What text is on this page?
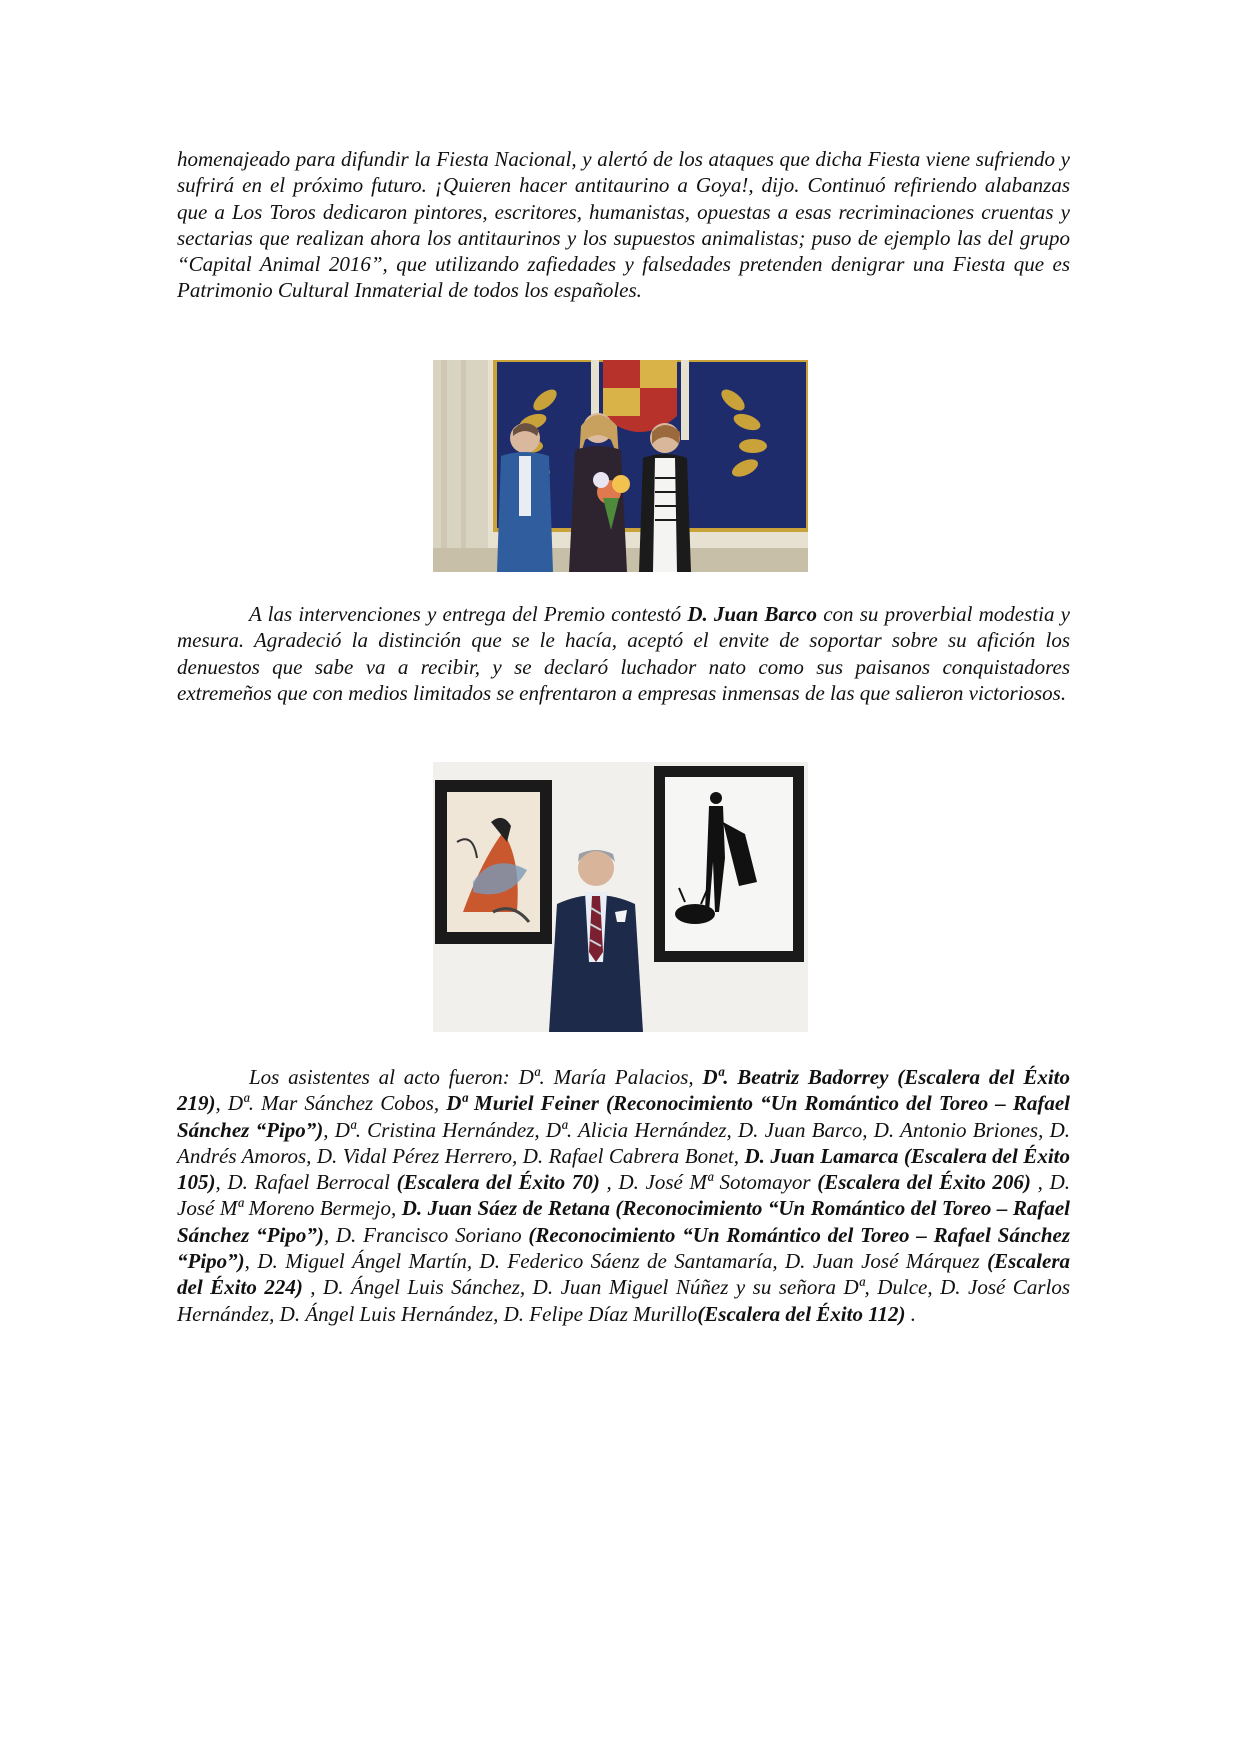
homenajeado para difundir la Fiesta Nacional, y alertó de los ataques que dicha Fiesta viene sufriendo y sufrirá en el próximo futuro. ¡Quieren hacer antitaurino a Goya!, dijo. Continuó refiriendo alabanzas que a Los Toros dedicaron pintores, escritores, humanistas, opuestas a esas recriminaciones cruentas y sectarias que realizan ahora los antitaurinos y los supuestos animalistas; puso de ejemplo las del grupo “Capital Animal 2016”, que utilizando zafiedades y falsedades pretenden denigrar una Fiesta que es Patrimonio Cultural Inmaterial de todos los españoles.

A las intervenciones y entrega del Premio contestó D. Juan Barco con su proverbial modestia y mesura. Agradeció la distinción que se le hacía, aceptó el envite de soportar sobre su afición los denuestos que sabe va a recibir, y se declaró luchador nato como sus paisanos conquistadores extremeños que con medios limitados se enfrentaron a empresas inmensas de las que salieron victoriosos.

Los asistentes al acto fueron: Dª. María Palacios, Dª. Beatriz Badorrey (Escalera del Éxito 219), Dª. Mar Sánchez Cobos, Dª Muriel Feiner (Reconocimiento “Un Romántico del Toreo – Rafael Sánchez “Pipo”), Dª. Cristina Hernández, Dª. Alicia Hernández, D. Juan Barco, D. Antonio Briones, D. Andrés Amoros, D. Vidal Pérez Herrero, D. Rafael Cabrera Bonet, D. Juan Lamarca (Escalera del Éxito 105), D. Rafael Berrocal (Escalera del Éxito 70) , D. José Mª Sotomayor (Escalera del Éxito 206) , D. José Mª Moreno Bermejo, D. Juan Sáez de Retana (Reconocimiento “Un Romántico del Toreo – Rafael Sánchez “Pipo”), D. Francisco Soriano (Reconocimiento “Un Romántico del Toreo – Rafael Sánchez “Pipo”), D. Miguel Ángel Martín, D. Federico Sáenz de Santamaría, D. Juan José Márquez (Escalera del Éxito 224) , D. Ángel Luis Sánchez, D. Juan Miguel Núñez y su señora Dª, Dulce, D. José Carlos Hernández, D. Ángel Luis Hernández, D. Felipe Díaz Murillo(Escalera del Éxito 112) .
